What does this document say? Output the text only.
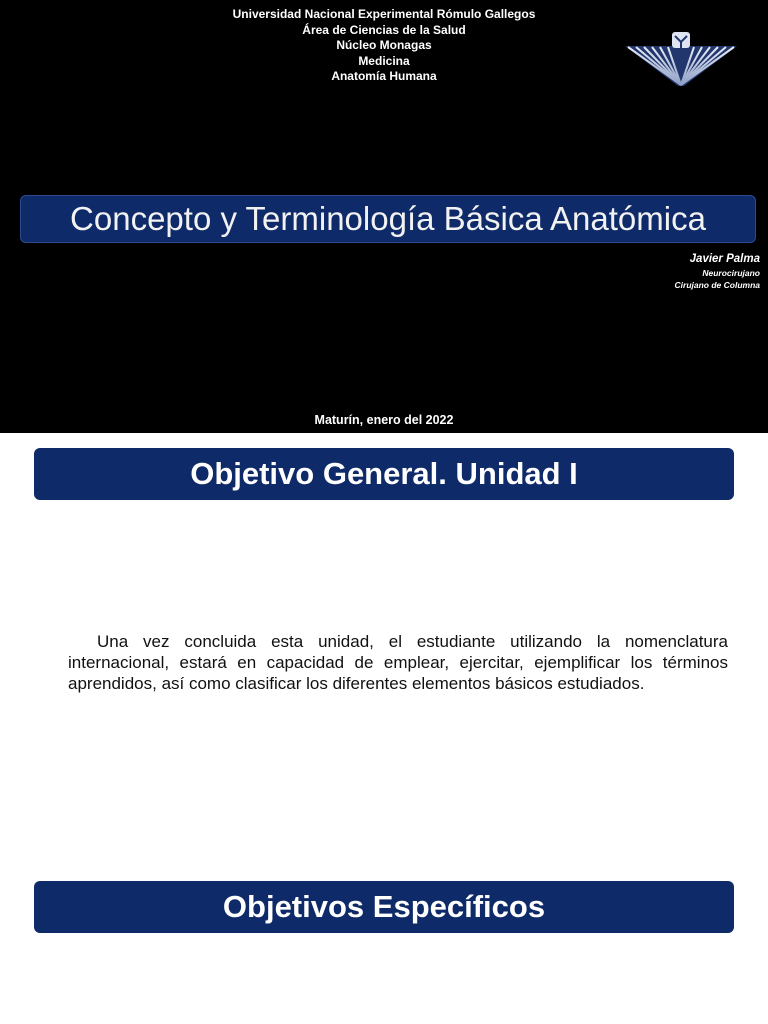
Universidad Nacional Experimental Rómulo Gallegos
Área de Ciencias de la Salud
Núcleo Monagas
Medicina
Anatomía Humana
Concepto y Terminología Básica Anatómica
Javier Palma
Neurocirujano
Cirujano de Columna
Maturín, enero del 2022
Objetivo General. Unidad I
Una vez concluida esta unidad, el estudiante utilizando la nomenclatura internacional, estará en capacidad de emplear, ejercitar, ejemplificar los términos aprendidos, así como clasificar los diferentes elementos básicos estudiados.
Objetivos Específicos
